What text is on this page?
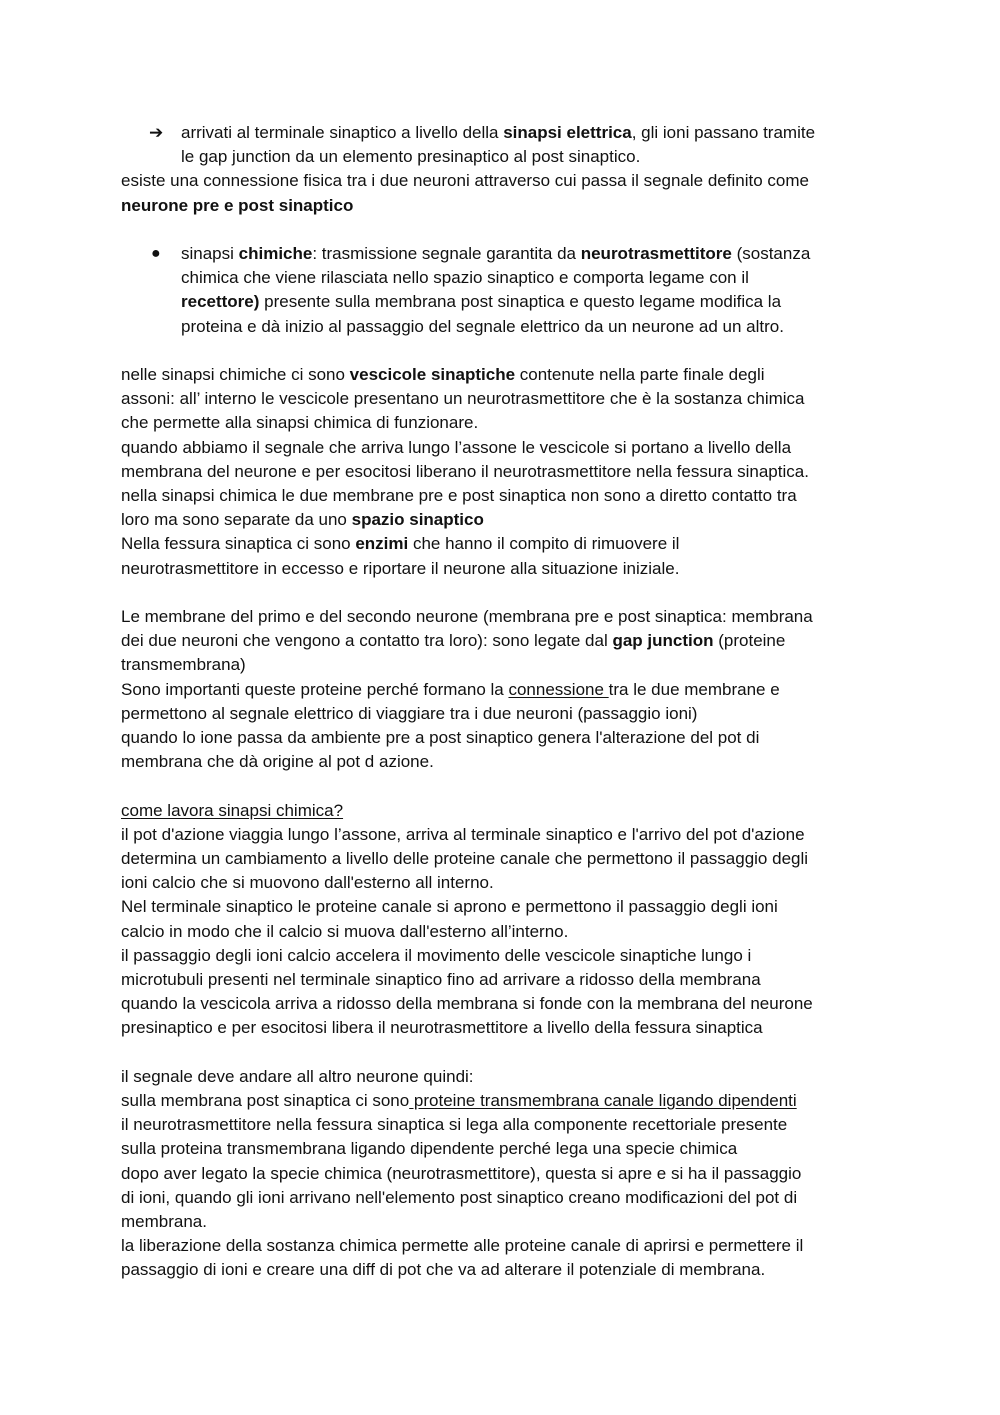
➔ arrivati al terminale sinaptico a livello della sinapsi elettrica, gli ioni passano tramite
le gap junction da un elemento presinaptico al post sinaptico.
esiste una connessione fisica tra i due neuroni attraverso cui passa il segnale definito come
neurone pre e post sinaptico
● sinapsi chimiche: trasmissione segnale garantita da neurotrasmettitore (sostanza
chimica che viene rilasciata nello spazio sinaptico e comporta legame con il
recettore) presente sulla membrana post sinaptica e questo legame modifica la
proteina e dà inizio al passaggio del segnale elettrico da un neurone ad un altro.
nelle sinapsi chimiche ci sono vescicole sinaptiche contenute nella parte finale degli
assoni: all’ interno le vescicole presentano un neurotrasmettitore che è la sostanza chimica
che permette alla sinapsi chimica di funzionare.
quando abbiamo il segnale che arriva lungo l’assone le vescicole si portano a livello della
membrana del neurone e per esocitosi liberano il neurotrasmettitore nella fessura sinaptica.
nella sinapsi chimica le due membrane pre e post sinaptica non sono a diretto contatto tra
loro ma sono separate da uno spazio sinaptico
Nella fessura sinaptica ci sono enzimi che hanno il compito di rimuovere il
neurotrasmettitore in eccesso e riportare il neurone alla situazione iniziale.
Le membrane del primo e del secondo neurone (membrana pre e post sinaptica: membrana
dei due neuroni che vengono a contatto tra loro): sono legate dal gap junction (proteine
transmembrana)
Sono importanti queste proteine perché formano la connessione tra le due membrane e
permettono al segnale elettrico di viaggiare tra i due neuroni (passaggio ioni)
quando lo ione passa da ambiente pre a post sinaptico genera l'alterazione del pot di
membrana che dà origine al pot d azione.
come lavora sinapsi chimica?
il pot d'azione viaggia lungo l’assone, arriva al terminale sinaptico e l'arrivo del pot d'azione
determina un cambiamento a livello delle proteine canale che permettono il passaggio degli
ioni calcio che si muovono dall'esterno all interno.
Nel terminale sinaptico le proteine canale si aprono e permettono il passaggio degli ioni
calcio in modo che il calcio si muova dall'esterno all’interno.
il passaggio degli ioni calcio accelera il movimento delle vescicole sinaptiche lungo i
microtubuli presenti nel terminale sinaptico fino ad arrivare a ridosso della membrana
quando la vescicola arriva a ridosso della membrana si fonde con la membrana del neurone
presinaptico e per esocitosi libera il neurotrasmettitore a livello della fessura sinaptica
il segnale deve andare all altro neurone quindi:
sulla membrana post sinaptica ci sono proteine transmembrana canale ligando dipendenti
il neurotrasmettitore nella fessura sinaptica si lega alla componente recettoriale presente
sulla proteina transmembrana ligando dipendente perché lega una specie chimica
dopo aver legato la specie chimica (neurotrasmettitore), questa si apre e si ha il passaggio
di ioni, quando gli ioni arrivano nell'elemento post sinaptico creano modificazioni del pot di
membrana.
la liberazione della sostanza chimica permette alle proteine canale di aprirsi e permettere il
passaggio di ioni e creare una diff di pot che va ad alterare il potenziale di membrana.
